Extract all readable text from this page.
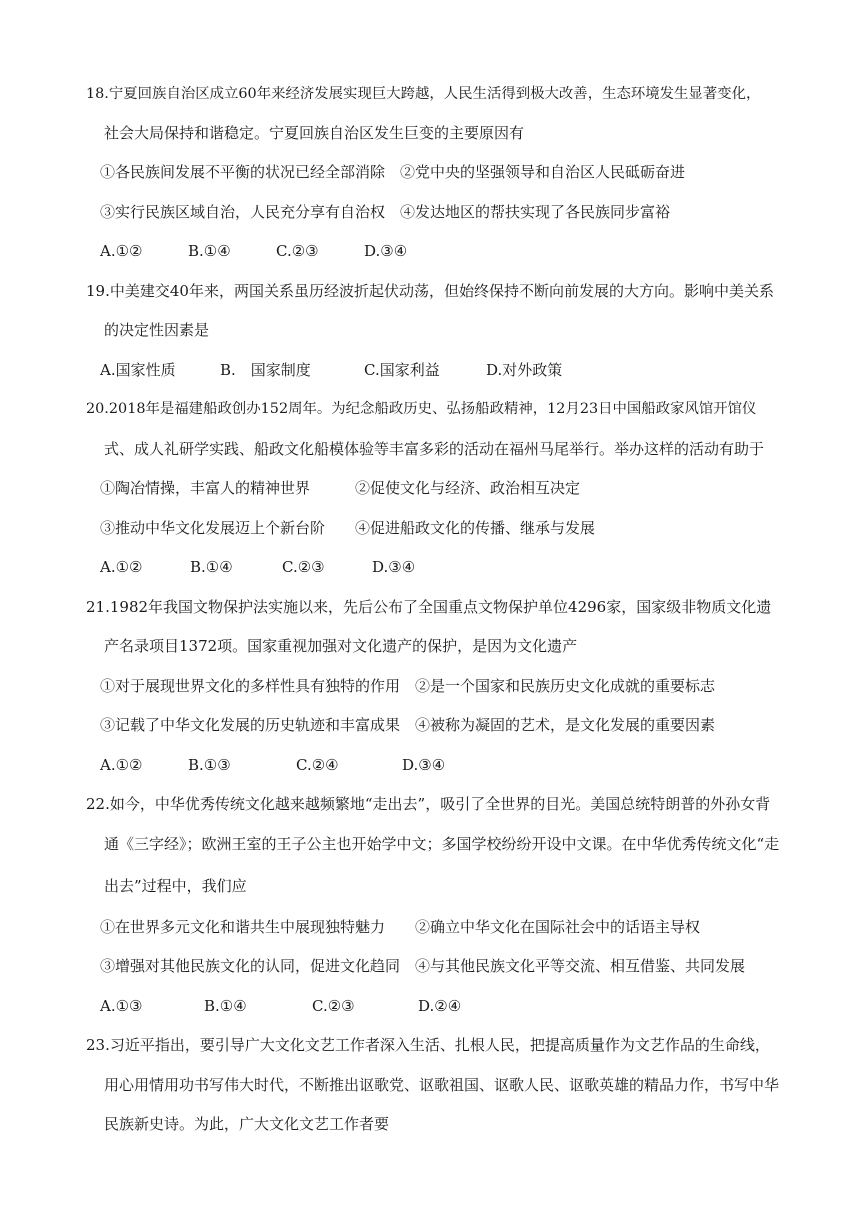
18.宁夏回族自治区成立60年来经济发展实现巨大跨越，人民生活得到极大改善，生态环境发生显著变化，
社会大局保持和谐稳定。宁夏回族自治区发生巨变的主要原因有
①各民族间发展不平衡的状况已经全部消除　②党中央的坚强领导和自治区人民砥砺奋进
③实行民族区域自治，人民充分享有自治权　④发达地区的帮扶实现了各民族同步富裕
A.①②	B.①④	C.②③	D.③④
19.中美建交40年来，两国关系虽历经波折起伏动荡，但始终保持不断向前发展的大方向。影响中美关系
的决定性因素是
A.国家性质	B.　国家制度	C.国家利益	D.对外政策
20.2018年是福建船政创办152周年。为纪念船政历史、弘扬船政精神，12月23日中国船政家风馆开馆仪
式、成人礼研学实践、船政文化船模体验等丰富多彩的活动在福州马尾举行。举办这样的活动有助于
①陶冶情操，丰富人的精神世界　　　②促使文化与经济、政治相互决定
③推动中华文化发展迈上个新台阶　　④促进船政文化的传播、继承与发展
A.①②	B.①④	C.②③	D.③④
21.1982年我国文物保护法实施以来，先后公布了全国重点文物保护单位4296家，国家级非物质文化遗
产名录项目1372项。国家重视加强对文化遗产的保护，是因为文化遗产
①对于展现世界文化的多样性具有独特的作用　②是一个国家和民族历史文化成就的重要标志
③记载了中华文化发展的历史轨迹和丰富成果　④被称为凝固的艺术，是文化发展的重要因素
A.①②	B.①③	C.②④	D.③④
22.如今，中华优秀传统文化越来越频繁地“走出去”，吸引了全世界的目光。美国总统特朗普的外孙女背
通《三字经》；欧洲王室的王子公主也开始学中文；多国学校纷纷开设中文课。在中华优秀传统文化“走
出去”过程中，我们应
①在世界多元文化和谐共生中展现独特魅力　　②确立中华文化在国际社会中的话语主导权
③增强对其他民族文化的认同，促进文化趋同　④与其他民族文化平等交流、相互借鉴、共同发展
A.①③	B.①④	C.②③	D.②④
23.习近平指出，要引导广大文化文艺工作者深入生活、扎根人民，把提高质量作为文艺作品的生命线，
用心用情用功书写伟大时代，不断推出讴歌党、讴歌祖国、讴歌人民、讴歌英雄的精品力作，书写中华
民族新史诗。为此，广大文化文艺工作者要
